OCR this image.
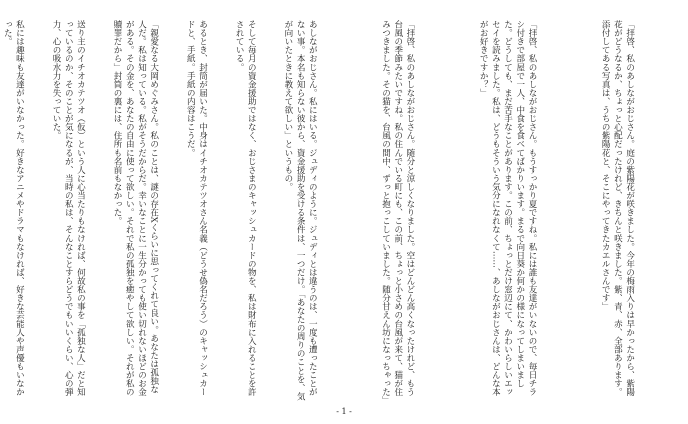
「拝啓、私のあしながおじさん。庭の紫陽花が咲きました。今年の梅雨入りは早かったから、紫陽花がどうなるか、ちょっと心配だったけれど、きちんと咲きました。紫、青、赤、全部あります。添付してある写真は、うちの紫陽花と、そこにやってきたカエルさんです」

「拝啓、私のあしながおじさん。もうすっかり夏ですね。私には誰も友達がいないので、毎日チラシ付きで部屋で一人、中食を食べてばかりいます。まるで向日葵か何かの様になってしまいました。どうしても、まだ苦手なことがあります。この前、ちょっとだけ窓辺にて、かわいらしいエッセイを読みました。私は、どうもそういう気分になれなくて……、あしながおじさんは、どんな本がお好きですか？」

「拝啓、私のあしながおじさん。随分と涼しくなりました。空はどんどん高くなったけれど、もう台風の季節みたいですね。私の住んでいる町にも、この前、ちょっと小さめの台風が来て、猫が住みつきました。その猫を、台風の間中、ずっと抱っこしていました。随分甘えん坊になっちゃった」

あしながおじさん。私にはいる。ジュディのように。ジュディとは違うのは、一度も遭ったことがない事。本名も知らない彼から、資金援助を受ける条件は、一つだけ。「あなたの周りのことを、気が向いたときに教えて欲しい」というもの。

そして毎月の資金援助ではなく、おじさまのキャッシュカードの物を、私は財布に入れることを許されている。

あるとき、封筒が届いた。中身はイチオカテツオさん名義（どうせ偽名だろう）のキャッシュカードと、手紙。手紙の内容はこうだ。

「親愛なる大岡めぐみさん。私のことは、謎の存在Xくらいに思ってくれて良い。あなたは孤独な人だ。私は知っている。私がそうだからだ。幸いなことに一生分かっても使い切れないほどのお金がある。その金を、あなたの自由に使って欲しい。それで私の孤独を癒やして欲しい。それが私の贖罪だから」封筒の裏には、住所も名前もなかった。

送り主のイチオカテツオ（仮）という人に心当たりもなければ、何故私の事を「孤独な人」だと知っているのか、そのことが気になるが、当時の私は、そんなことすらどうでもいいくらい、心の弾力、心の吸水力を失っていた。

私には趣味も友達がいなかった。好きなアニメやドラマもなければ、好きな芸能人や声優もいなかった。

- 1 -
